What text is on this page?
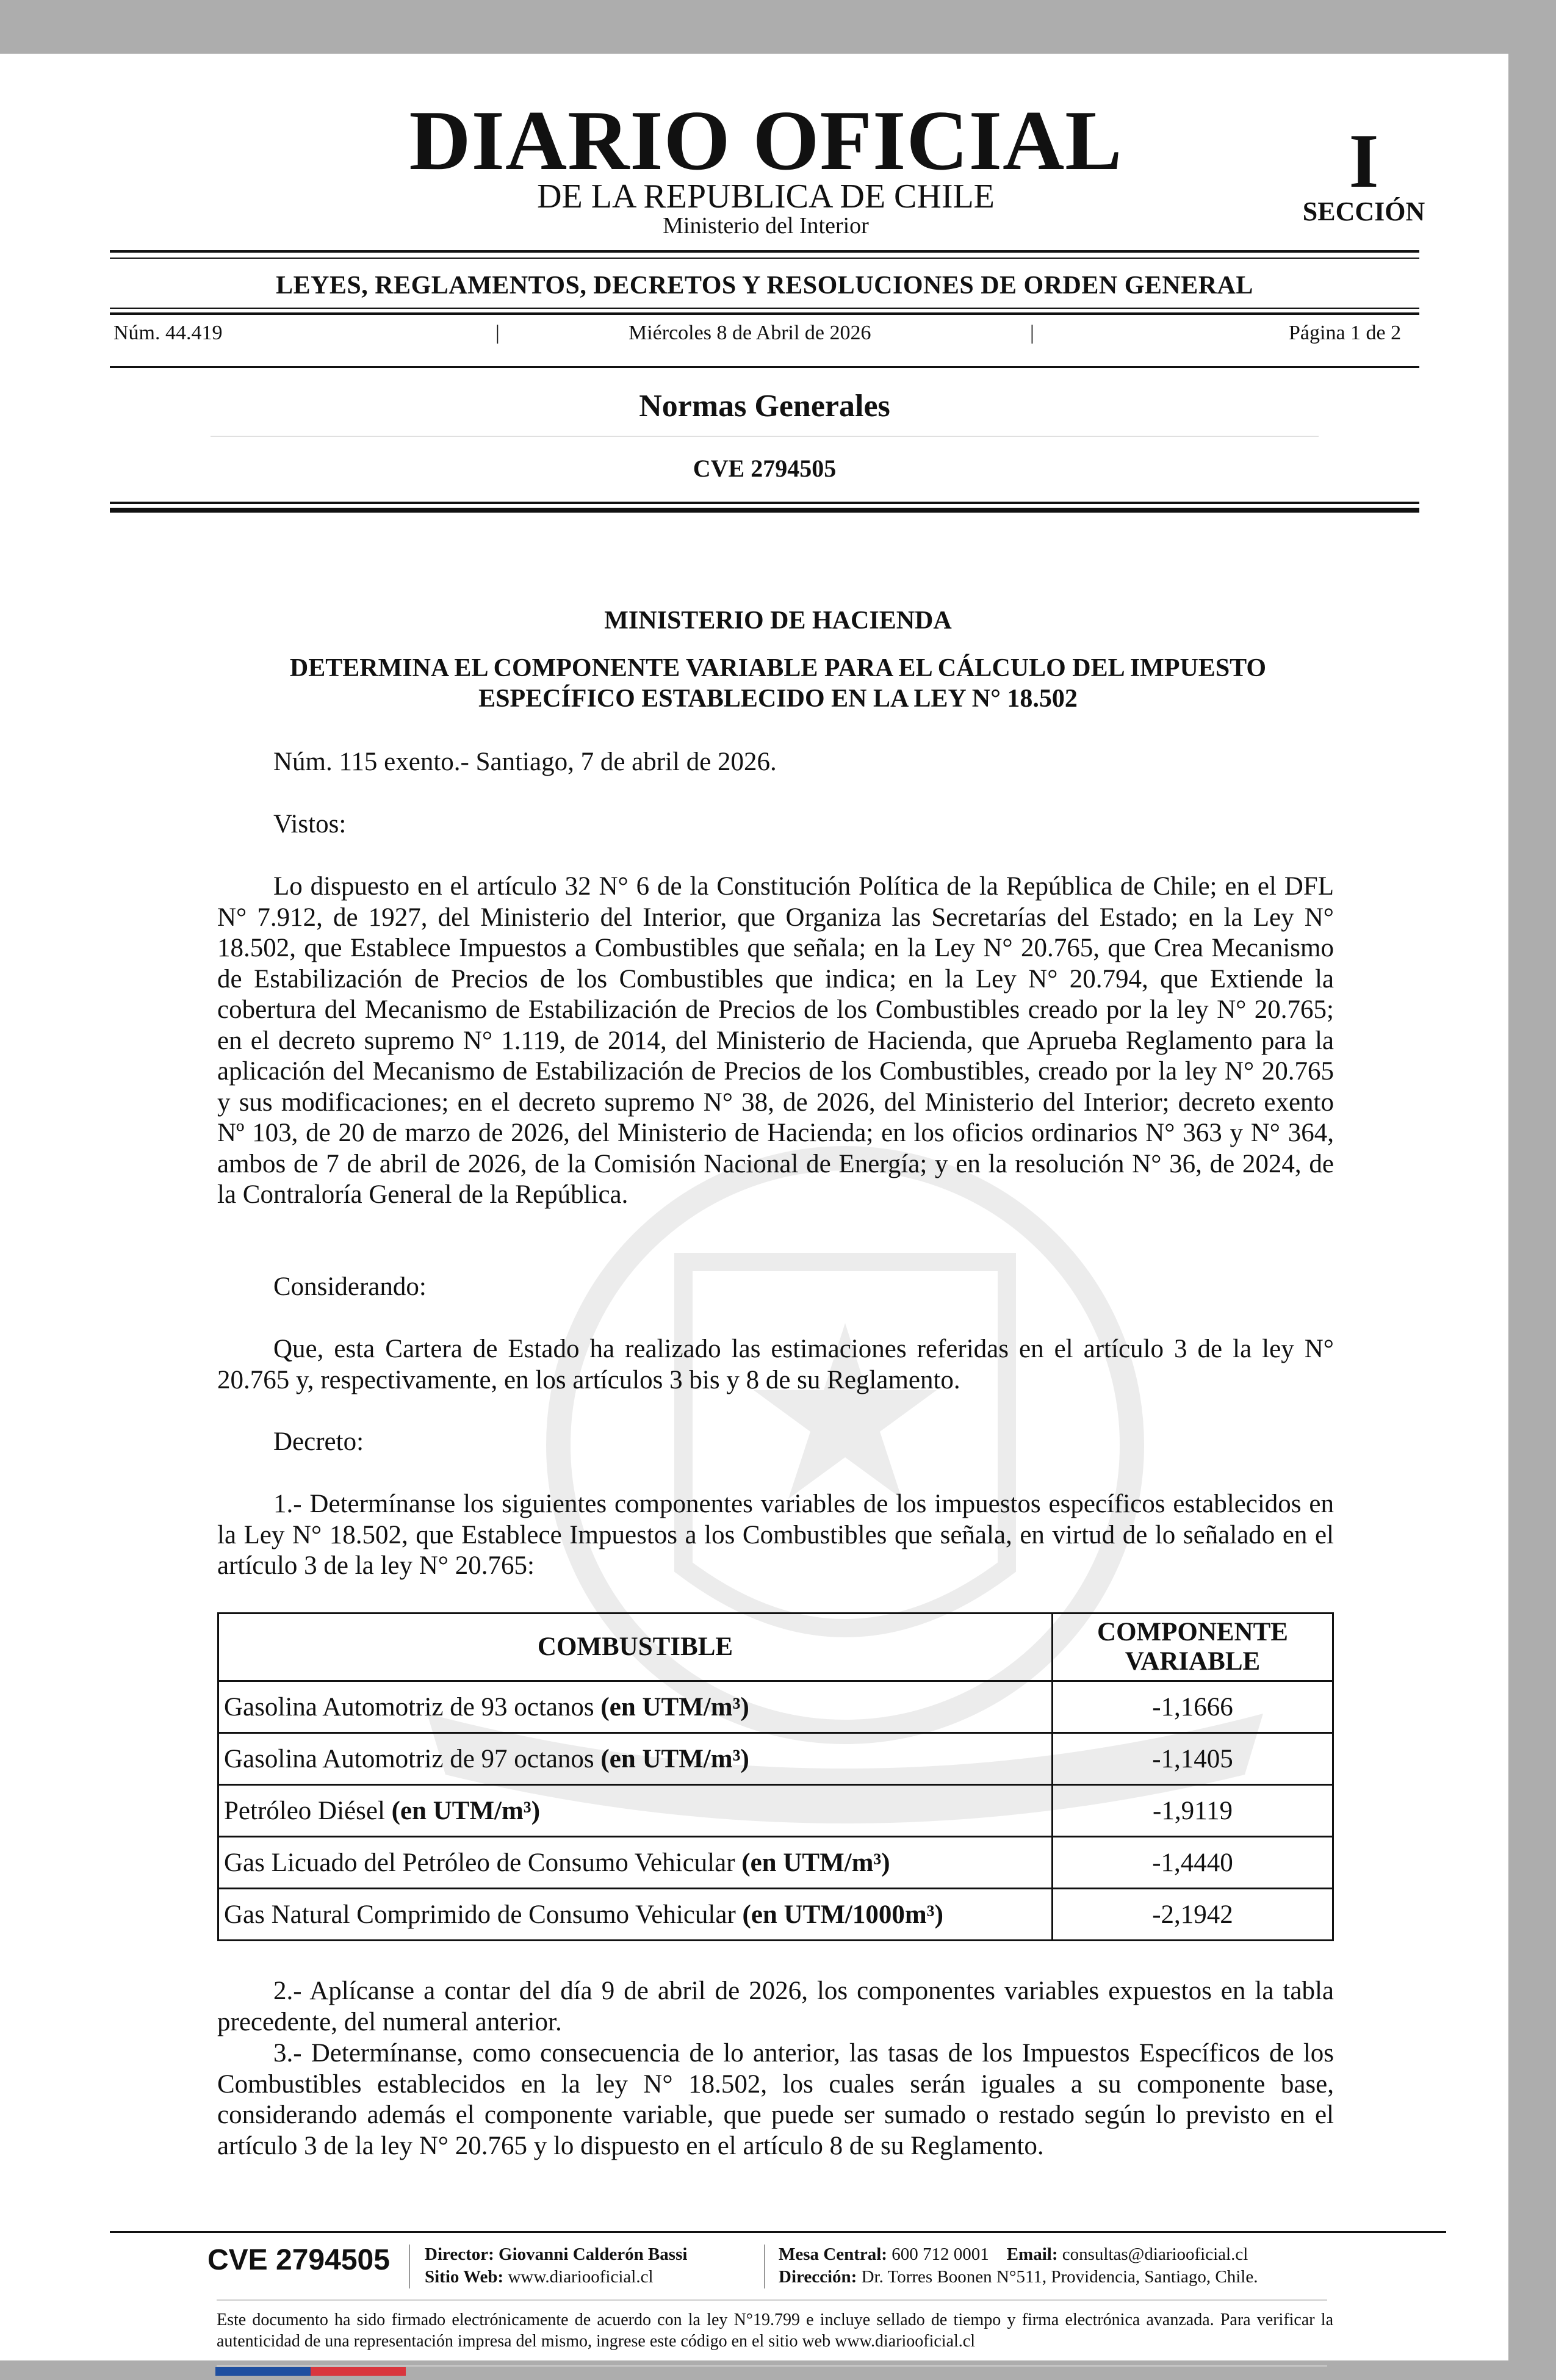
DIARIO OFICIAL
DE LA REPUBLICA DE CHILE
Ministerio del Interior
I
SECCIÓN
LEYES, REGLAMENTOS, DECRETOS Y RESOLUCIONES DE ORDEN GENERAL
Núm. 44.419	|	Miércoles 8 de Abril de 2026	|	Página 1 de 2
Normas Generales
CVE 2794505
MINISTERIO DE HACIENDA
DETERMINA EL COMPONENTE VARIABLE PARA EL CÁLCULO DEL IMPUESTO
ESPECÍFICO ESTABLECIDO EN LA LEY N° 18.502

Núm. 115 exento.- Santiago, 7 de abril de 2026.

Vistos:

Lo dispuesto en el artículo 32 N° 6 de la Constitución Política de la República de Chile; en el DFL N° 7.912, de 1927, del Ministerio del Interior, que Organiza las Secretarías del Estado; en la Ley N° 18.502, que Establece Impuestos a Combustibles que señala; en la Ley N° 20.765, que Crea Mecanismo de Estabilización de Precios de los Combustibles que indica; en la Ley N° 20.794, que Extiende la cobertura del Mecanismo de Estabilización de Precios de los Combustibles creado por la ley N° 20.765; en el decreto supremo N° 1.119, de 2014, del Ministerio de Hacienda, que Aprueba Reglamento para la aplicación del Mecanismo de Estabilización de Precios de los Combustibles, creado por la ley N° 20.765 y sus modificaciones; en el decreto supremo N° 38, de 2026, del Ministerio del Interior; decreto exento Nº 103, de 20 de marzo de 2026, del Ministerio de Hacienda; en los oficios ordinarios N° 363 y N° 364, ambos de 7 de abril de 2026, de la Comisión Nacional de Energía; y en la resolución N° 36, de 2024, de la Contraloría General de la República.

Considerando:

Que, esta Cartera de Estado ha realizado las estimaciones referidas en el artículo 3 de la ley N° 20.765 y, respectivamente, en los artículos 3 bis y 8 de su Reglamento.

Decreto:

1.- Determínanse los siguientes componentes variables de los impuestos específicos establecidos en la Ley N° 18.502, que Establece Impuestos a los Combustibles que señala, en virtud de lo señalado en el artículo 3 de la ley N° 20.765:

COMBUSTIBLE	COMPONENTE
VARIABLE

Gasolina Automotriz de 93 octanos (en UTM/m³)	-1,1666
Gasolina Automotriz de 97 octanos (en UTM/m³)	-1,1405
Petróleo Diésel (en UTM/m³)	-1,9119
Gas Licuado del Petróleo de Consumo Vehicular (en UTM/m³)	-1,4440
Gas Natural Comprimido de Consumo Vehicular (en UTM/1000m³)	-2,1942

2.- Aplícanse a contar del día 9 de abril de 2026, los componentes variables expuestos en la tabla precedente, del numeral anterior.

3.- Determínanse, como consecuencia de lo anterior, las tasas de los Impuestos Específicos de los Combustibles establecidos en la ley N° 18.502, los cuales serán iguales a su componente base, considerando además el componente variable, que puede ser sumado o restado según lo previsto en el artículo 3 de la ley N° 20.765 y lo dispuesto en el artículo 8 de su Reglamento.

CVE 2794505 Director: Giovanni Calderón Bassi
Sitio Web: www.diariooficial.cl
Mesa Central: 600 712 0001 Email: consultas@diariooficial.cl
Dirección: Dr. Torres Boonen N°511, Providencia, Santiago, Chile.
Este documento ha sido firmado electrónicamente de acuerdo con la ley N°19.799 e incluye sellado de tiempo y firma electrónica avanzada. Para verificar la autenticidad de una representación impresa del mismo, ingrese este código en el sitio web www.diariooficial.cl
